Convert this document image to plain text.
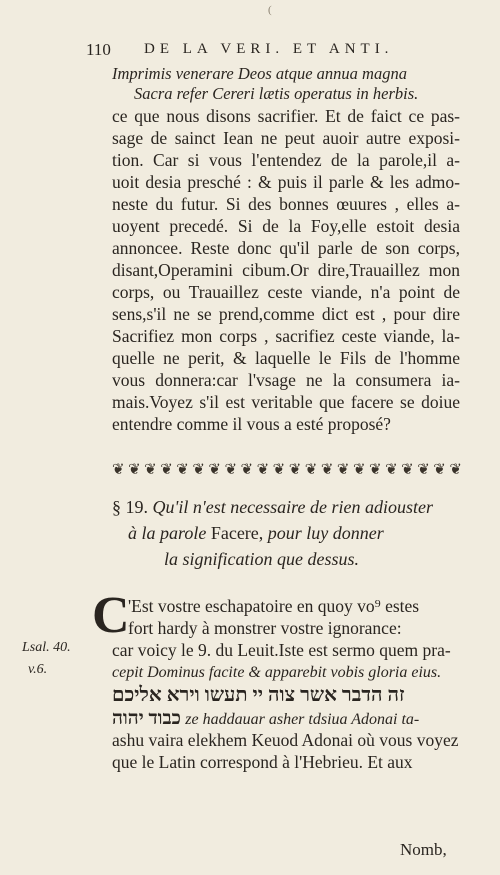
(
110 DE LA VERI. ET ANTI.
Imprimis venerare Deos atque annua magna
Sacra refer Cereri lætis operatus in herbis.
ce que nous disons sacrifier. Et de faict ce pas-
sage de sainct Iean ne peut auoir autre exposi-
tion. Car si vous l'entendez de la parole,il a-
uoit desia presché : & puis il parle & les admo-
neste du futur. Si des bonnes œuures , elles a-
uoyent precedé. Si de la Foy,elle estoit desia
annoncee. Reste donc qu'il parle de son corps,
disant,Operamini cibum.Or dire,Trauaillez mon
corps, ou Trauaillez ceste viande, n'a point de
sens,s'il ne se prend,comme dict est , pour dire
Sacrifiez mon corps , sacrifiez ceste viande, la-
quelle ne perit, & laquelle le Fils de l'homme
vous donnera:car l'vsage ne la consumera ia-
mais.Voyez s'il est veritable que facere se doiue
entendre comme il vous a esté proposé?
❦ ❦ ❦ ❦ ❦ ❦ ❦ ❦ ❦ ❦ ❦ ❦ ❦ ❦ ❦ ❦ ❦ ❦ ❦ ❦ ❦ ❦
§ 19. Qu'il n'est necessaire de rien adiouster
à la parole Facere, pour luy donner
la signification que dessus.
C
'Est vostre eschapatoire en quoy vo⁹ estes
fort hardy à monstrer vostre ignorance:
car voicy le 9. du Leuit.Iste est sermo quem pra-
cepit Dominus facite & apparebit vobis gloria eius.
זה הדבר אשר צוה יי תעשו וירא אליכם
כבוד יהוה ze haddauar asher tdsiua Adonai ta-
ashu vaira elekhem Keuod Adonai où vous voyez
que le Latin correspond à l'Hebrieu. Et aux
Lsal. 40.
v.6.
Nomb,
